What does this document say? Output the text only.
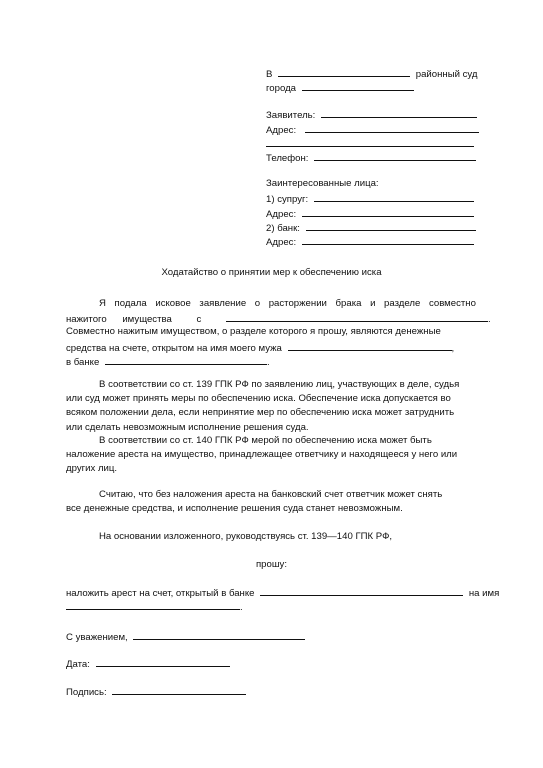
В	районный суд
города
Заявитель:
Адрес:
Телефон:
Заинтересованные лица:
1) супруг:
Адрес:
2) банк:
Адрес:
Ходатайство о принятии мер к обеспечению иска
Я подала исковое заявление о расторжении брака и разделе совместно
нажитого имущества	с	.
Совместно нажитым имуществом, о разделе которого я прошу, являются денежные
средства на счете, открытом на имя моего мужа	,
в банке	.
В соответствии со ст. 139 ГПК РФ по заявлению лиц, участвующих в деле, судья
или суд может принять меры по обеспечению иска. Обеспечение иска допускается во
всяком положении дела, если непринятие мер по обеспечению иска может затруднить
или сделать невозможным исполнение решения суда.
В соответствии со ст. 140 ГПК РФ мерой по обеспечению иска может быть
наложение ареста на имущество, принадлежащее ответчику и находящееся у него или
других лиц.
Считаю, что без наложения ареста на банковский счет ответчик может снять
все денежные средства, и исполнение решения суда станет невозможным.
На основании изложенного, руководствуясь ст. 139—140 ГПК РФ,
прошу:
наложить арест на счет, открытый в банке	на имя
.
С уважением,
Дата:
Подпись:
